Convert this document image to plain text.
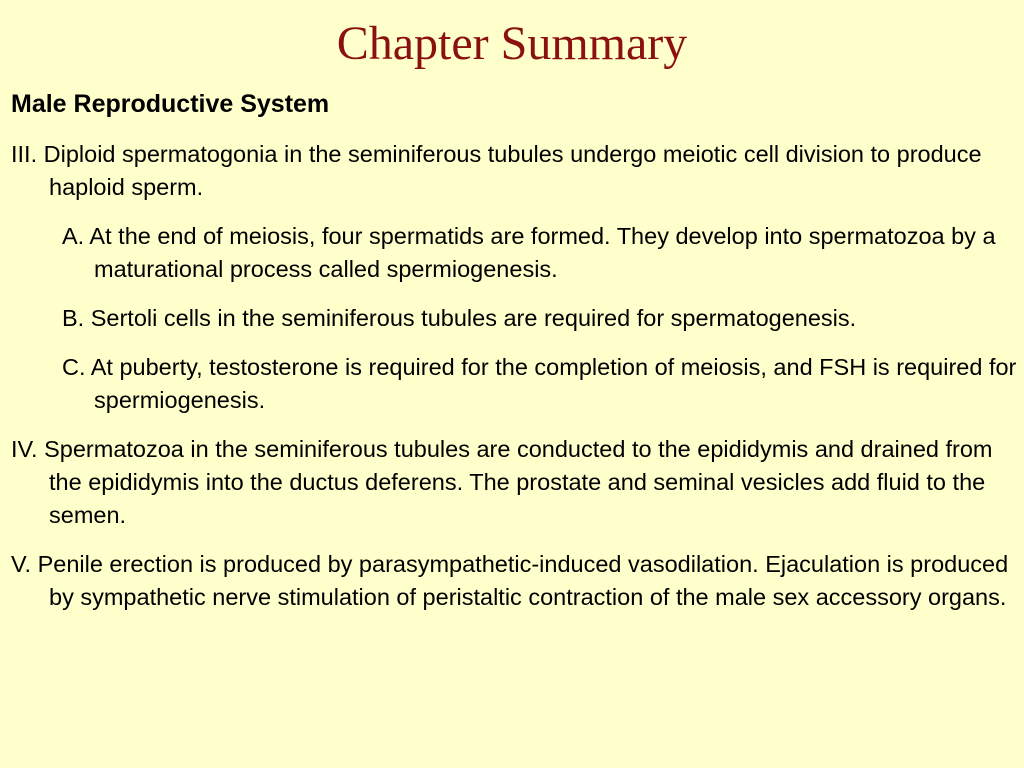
Chapter Summary
Male Reproductive System

III. Diploid spermatogonia in the seminiferous tubules undergo meiotic cell division to produce haploid sperm.

A. At the end of meiosis, four spermatids are formed. They develop into spermatozoa by a maturational process called spermiogenesis.

B. Sertoli cells in the seminiferous tubules are required for spermatogenesis.

C. At puberty, testosterone is required for the completion of meiosis, and FSH is required for spermiogenesis.

IV. Spermatozoa in the seminiferous tubules are conducted to the epididymis and drained from the epididymis into the ductus deferens. The prostate and seminal vesicles add fluid to the semen.

V. Penile erection is produced by parasympathetic-induced vasodilation. Ejaculation is produced by sympathetic nerve stimulation of peristaltic contraction of the male sex accessory organs.
